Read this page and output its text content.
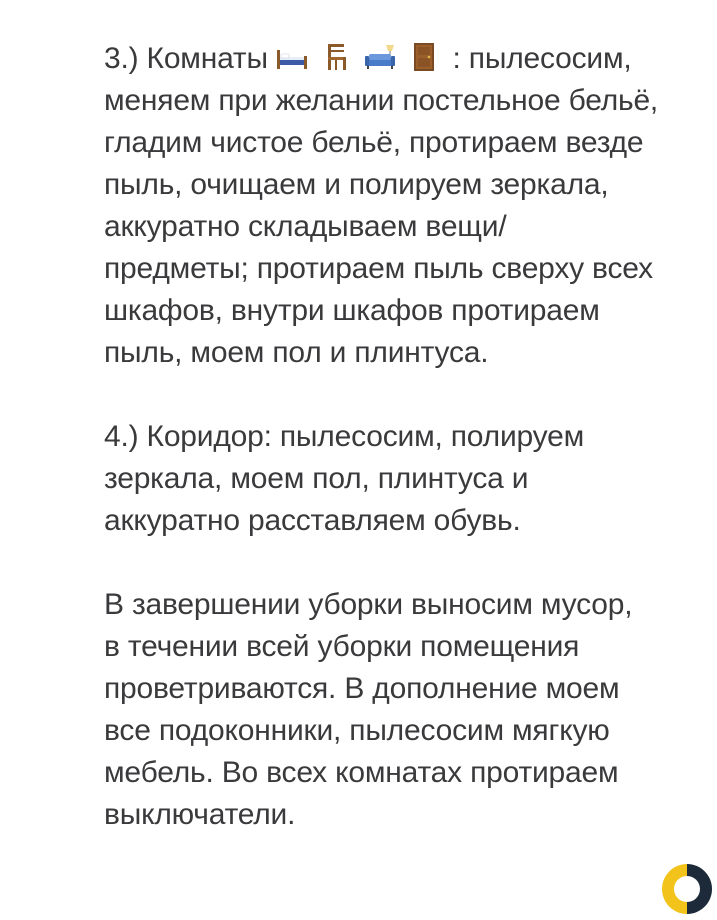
3.) Комнаты	: пылесосим,
меняем при желании постельное бельё,
гладим чистое бельё, протираем везде
пыль, очищаем и полируем зеркала,
аккуратно складываем вещи/
предметы; протираем пыль сверху всех
шкафов, внутри шкафов протираем
пыль, моем пол и плинтуса.

4.) Коридор: пылесосим, полируем
зеркала, моем пол, плинтуса и
аккуратно расставляем обувь.

В завершении уборки выносим мусор,
в течении всей уборки помещения
проветриваются. В дополнение моем
все подоконники, пылесосим мягкую
мебель. Во всех комнатах протираем
выключатели.
